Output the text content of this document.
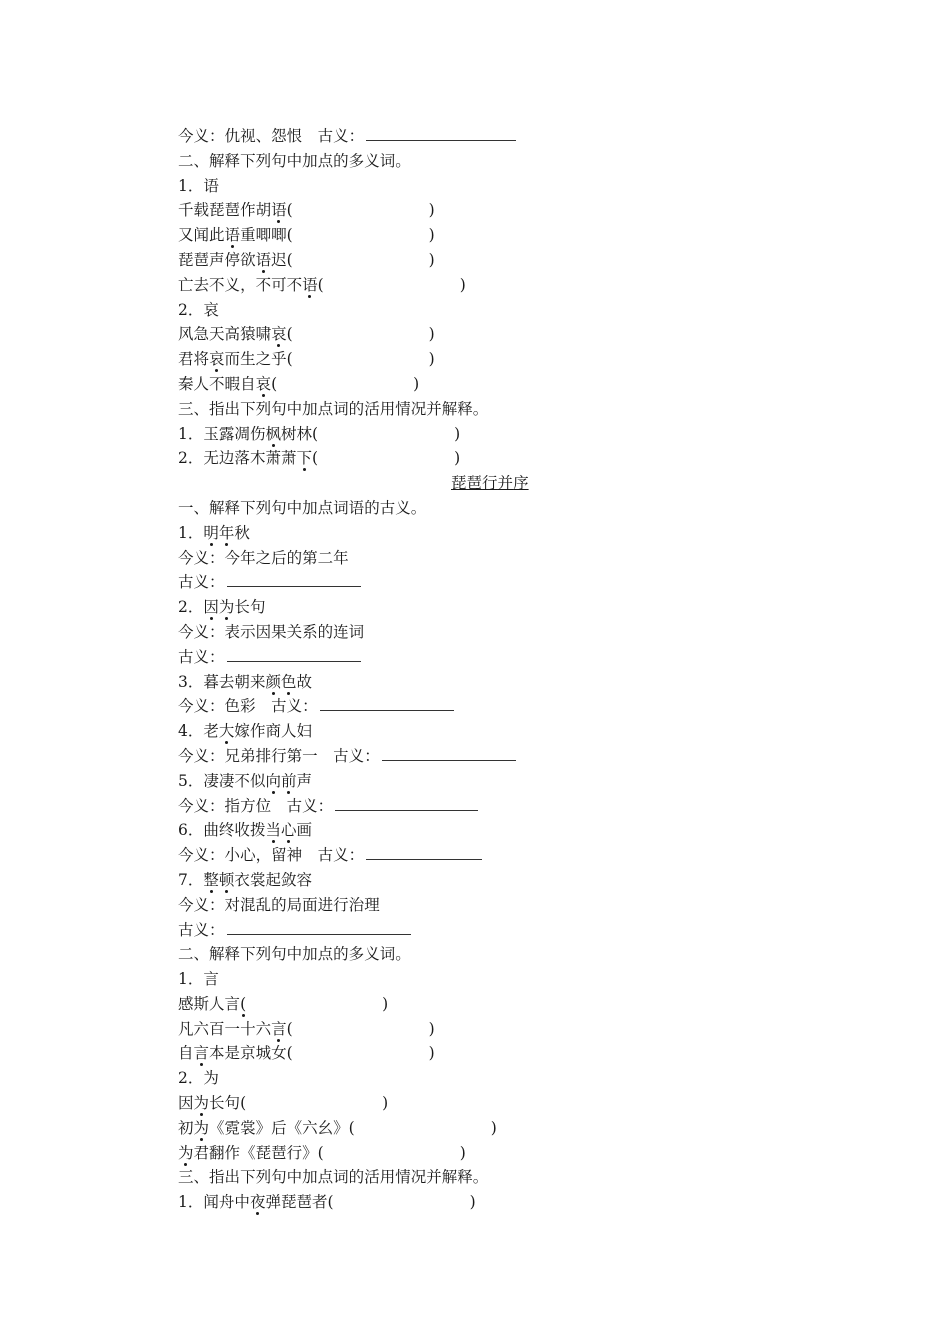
今义：仇视、怨恨　 古义：
二、解释下列句中加点的多义词。
1．语
千载琵琶作胡语(	)
又闻此语重唧唧(	)
琵琶声停欲语迟(	)
亡去不义，不可不语(	)
2．哀
风急天高猿啸哀(	)
君将哀而生之乎(	)
秦人不暇自哀(	)
三、指出下列句中加点词的活用情况并解释。
1．玉露凋伤枫树林(	)
2．无边落木萧萧下(	)
琵琶行并序
一、解释下列句中加点词语的古义。
1．明年秋
今义：今年之后的第二年
古义：
2．因为长句
今义：表示因果关系的连词
古义：
3．暮去朝来颜色故
今义：色彩　 古义：
4．老大嫁作商人妇
今义：兄弟排行第一　 古义：
5．凄凄不似向前声
今义：指方位　 古义：
6．曲终收拨当心画
今义：小心，留神　 古义：
7．整顿衣裳起敛容
今义：对混乱的局面进行治理
古义：
二、解释下列句中加点的多义词。
1．言
感斯人言(	)
凡六百一十六言(	)
自言本是京城女(	)
2．为
因为长句(	)
初为《霓裳》后《六幺》(	)
为君翻作《琵琶行》(	)
三、指出下列句中加点词的活用情况并解释。
1．闻舟中夜弹琵琶者(	)
